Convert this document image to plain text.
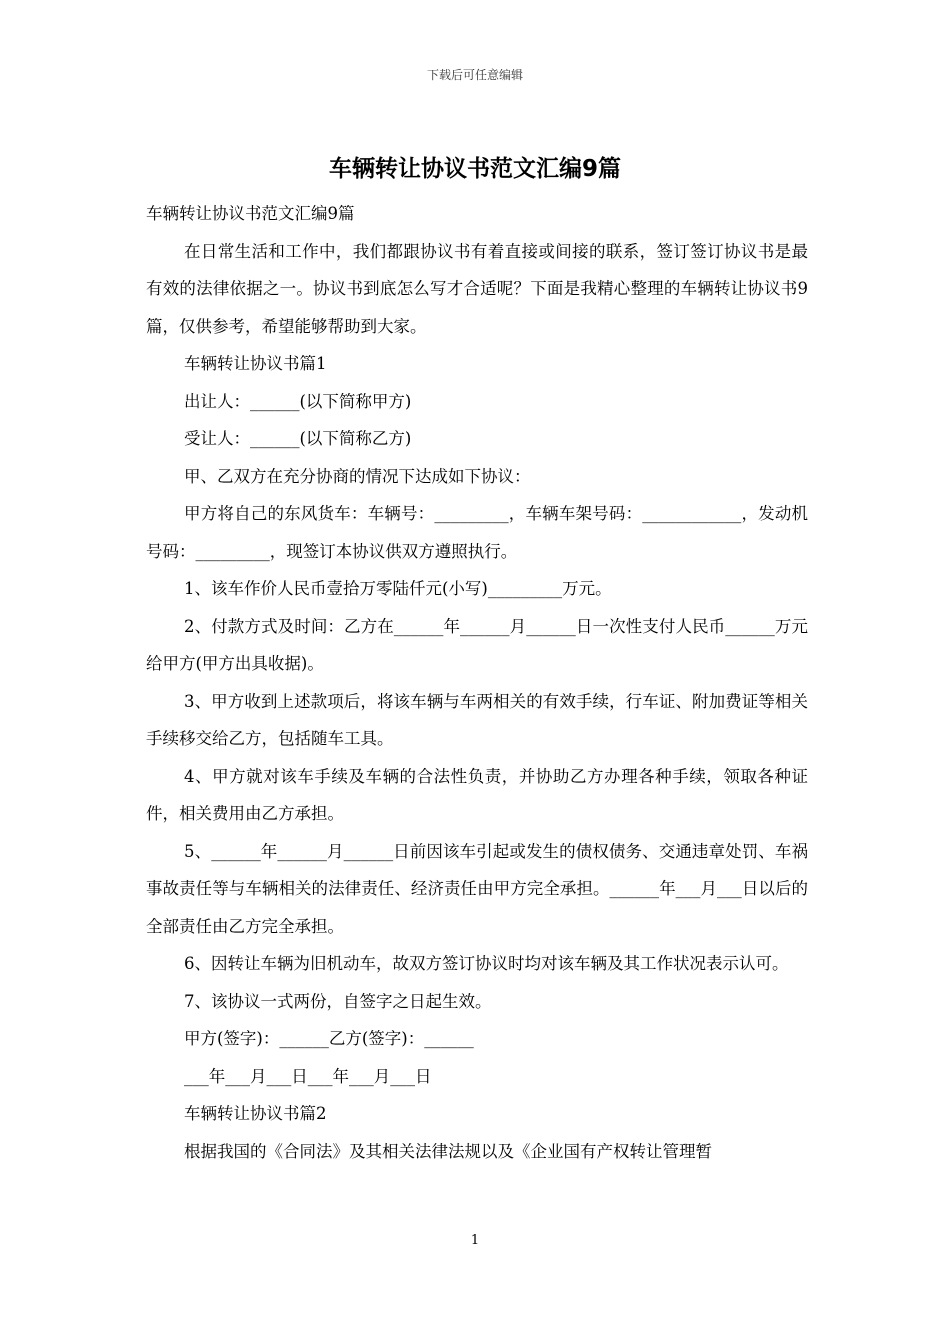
下载后可任意编辑
车辆转让协议书范文汇编9篇

车辆转让协议书范文汇编9篇

在日常生活和工作中，我们都跟协议书有着直接或间接的联系，签订签订协议书是最有效的法律依据之一。协议书到底怎么写才合适呢？下面是我精心整理的车辆转让协议书9篇，仅供参考，希望能够帮助到大家。

车辆转让协议书篇1

出让人：______(以下简称甲方)

受让人：______(以下简称乙方)

甲、乙双方在充分协商的情况下达成如下协议：

甲方将自己的东风货车：车辆号：_________，车辆车架号码：____________，发动机号码：_________，现签订本协议供双方遵照执行。

1、该车作价人民币壹拾万零陆仟元(小写)_________万元。

2、付款方式及时间：乙方在______年______月______日一次性支付人民币______万元给甲方(甲方出具收据)。

3、甲方收到上述款项后，将该车辆与车两相关的有效手续，行车证、附加费证等相关手续移交给乙方，包括随车工具。

4、甲方就对该车手续及车辆的合法性负责，并协助乙方办理各种手续，领取各种证件，相关费用由乙方承担。

5、______年______月______日前因该车引起或发生的债权债务、交通违章处罚、车祸事故责任等与车辆相关的法律责任、经济责任由甲方完全承担。______年___月___日以后的全部责任由乙方完全承担。

6、因转让车辆为旧机动车，故双方签订协议时均对该车辆及其工作状况表示认可。

7、该协议一式两份，自签字之日起生效。

甲方(签字)：______乙方(签字)：______

___年___月___日___年___月___日

车辆转让协议书篇2

根据我国的《合同法》及其相关法律法规以及《企业国有产权转让管理暂

1
